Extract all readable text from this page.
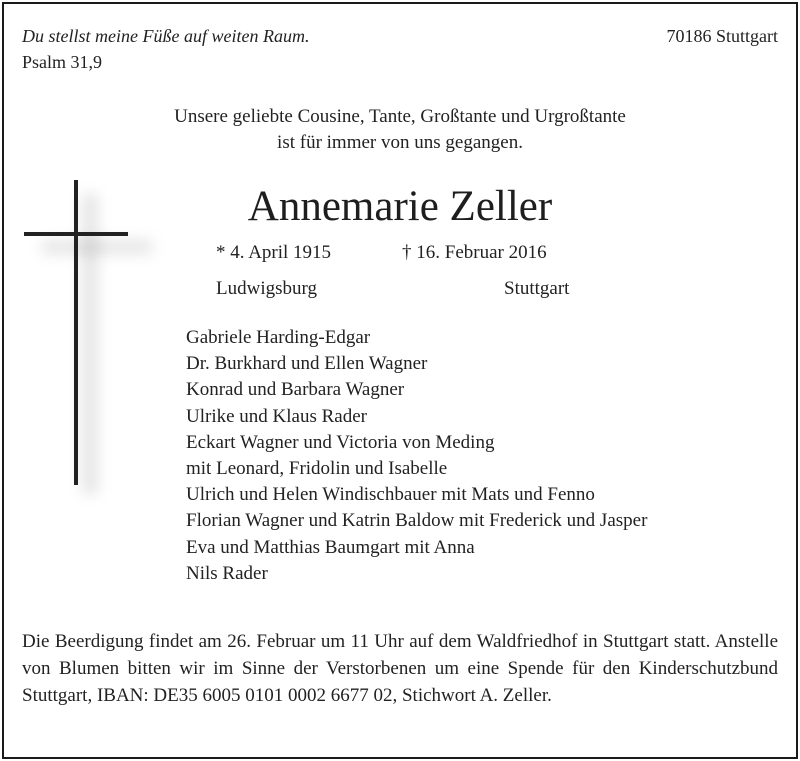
Du stellst meine Füße auf weiten Raum.
Psalm 31,9
70186 Stuttgart
Unsere geliebte Cousine, Tante, Großtante und Urgroßtante
ist für immer von uns gegangen.
Annemarie Zeller
* 4. April 1915	† 16. Februar 2016
Ludwigsburg	Stuttgart
Gabriele Harding-Edgar
Dr. Burkhard und Ellen Wagner
Konrad und Barbara Wagner
Ulrike und Klaus Rader
Eckart Wagner und Victoria von Meding
mit Leonard, Fridolin und Isabelle
Ulrich und Helen Windischbauer mit Mats und Fenno
Florian Wagner und Katrin Baldow mit Frederick und Jasper
Eva und Matthias Baumgart mit Anna
Nils Rader
Die Beerdigung findet am 26. Februar um 11 Uhr auf dem Waldfriedhof in Stuttgart statt. Anstelle von Blumen bitten wir im Sinne der Verstorbenen um eine Spende für den Kinderschutzbund Stuttgart, IBAN: DE35 6005 0101 0002 6677 02, Stichwort A. Zeller.
